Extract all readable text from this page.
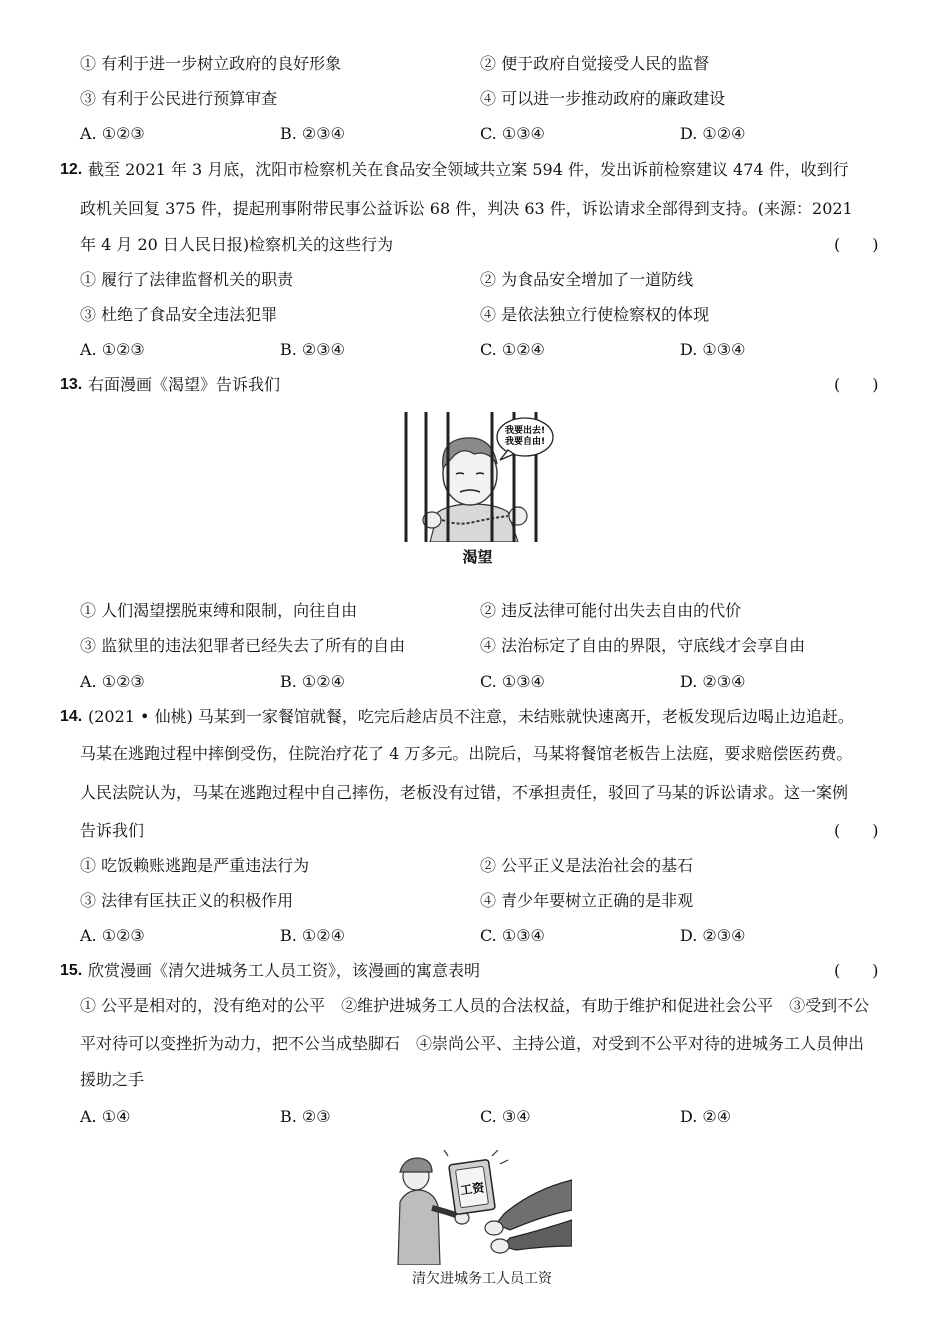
① 有利于进一步树立政府的良好形象	② 便于政府自觉接受人民的监督
③ 有利于公民进行预算审查	④ 可以进一步推动政府的廉政建设
A. ①②③	B. ②③④	C. ①③④	D. ①②④
12. 截至 2021 年 3 月底，沈阳市检察机关在食品安全领域共立案 594 件，发出诉前检察建议 474 件，收到行
政机关回复 375 件，提起刑事附带民事公益诉讼 68 件，判决 63 件，诉讼请求全部得到支持。(来源：2021
年 4 月 20 日人民日报)检察机关的这些行为	(　　)
① 履行了法律监督机关的职责	② 为食品安全增加了一道防线
③ 杜绝了食品安全违法犯罪	④ 是依法独立行使检察权的体现
A. ①②③	B. ②③④	C. ①②④	D. ①③④
13. 右面漫画《渴望》告诉我们	(　　)
我要出去!
我要自由!
渴望
① 人们渴望摆脱束缚和限制，向往自由	② 违反法律可能付出失去自由的代价
③ 监狱里的违法犯罪者已经失去了所有的自由	④ 法治标定了自由的界限，守底线才会享自由
A. ①②③	B. ①②④	C. ①③④	D. ②③④
14. (2021 • 仙桃) 马某到一家餐馆就餐，吃完后趁店员不注意，未结账就快速离开，老板发现后边喝止边追赶。
马某在逃跑过程中摔倒受伤，住院治疗花了 4 万多元。出院后，马某将餐馆老板告上法庭，要求赔偿医药费。
人民法院认为，马某在逃跑过程中自己摔伤，老板没有过错，不承担责任，驳回了马某的诉讼请求。这一案例
告诉我们	(　　)
① 吃饭赖账逃跑是严重违法行为	② 公平正义是法治社会的基石
③ 法律有匡扶正义的积极作用	④ 青少年要树立正确的是非观
A. ①②③	B. ①②④	C. ①③④	D. ②③④
15. 欣赏漫画《清欠进城务工人员工资》，该漫画的寓意表明	(　　)
① 公平是相对的，没有绝对的公平　②维护进城务工人员的合法权益，有助于维护和促进社会公平　③受到不公
平对待可以变挫折为动力，把不公当成垫脚石　④崇尚公平、主持公道，对受到不公平对待的进城务工人员伸出
援助之手
A. ①④	B. ②③	C. ③④	D. ②④
工资
清欠进城务工人员工资
